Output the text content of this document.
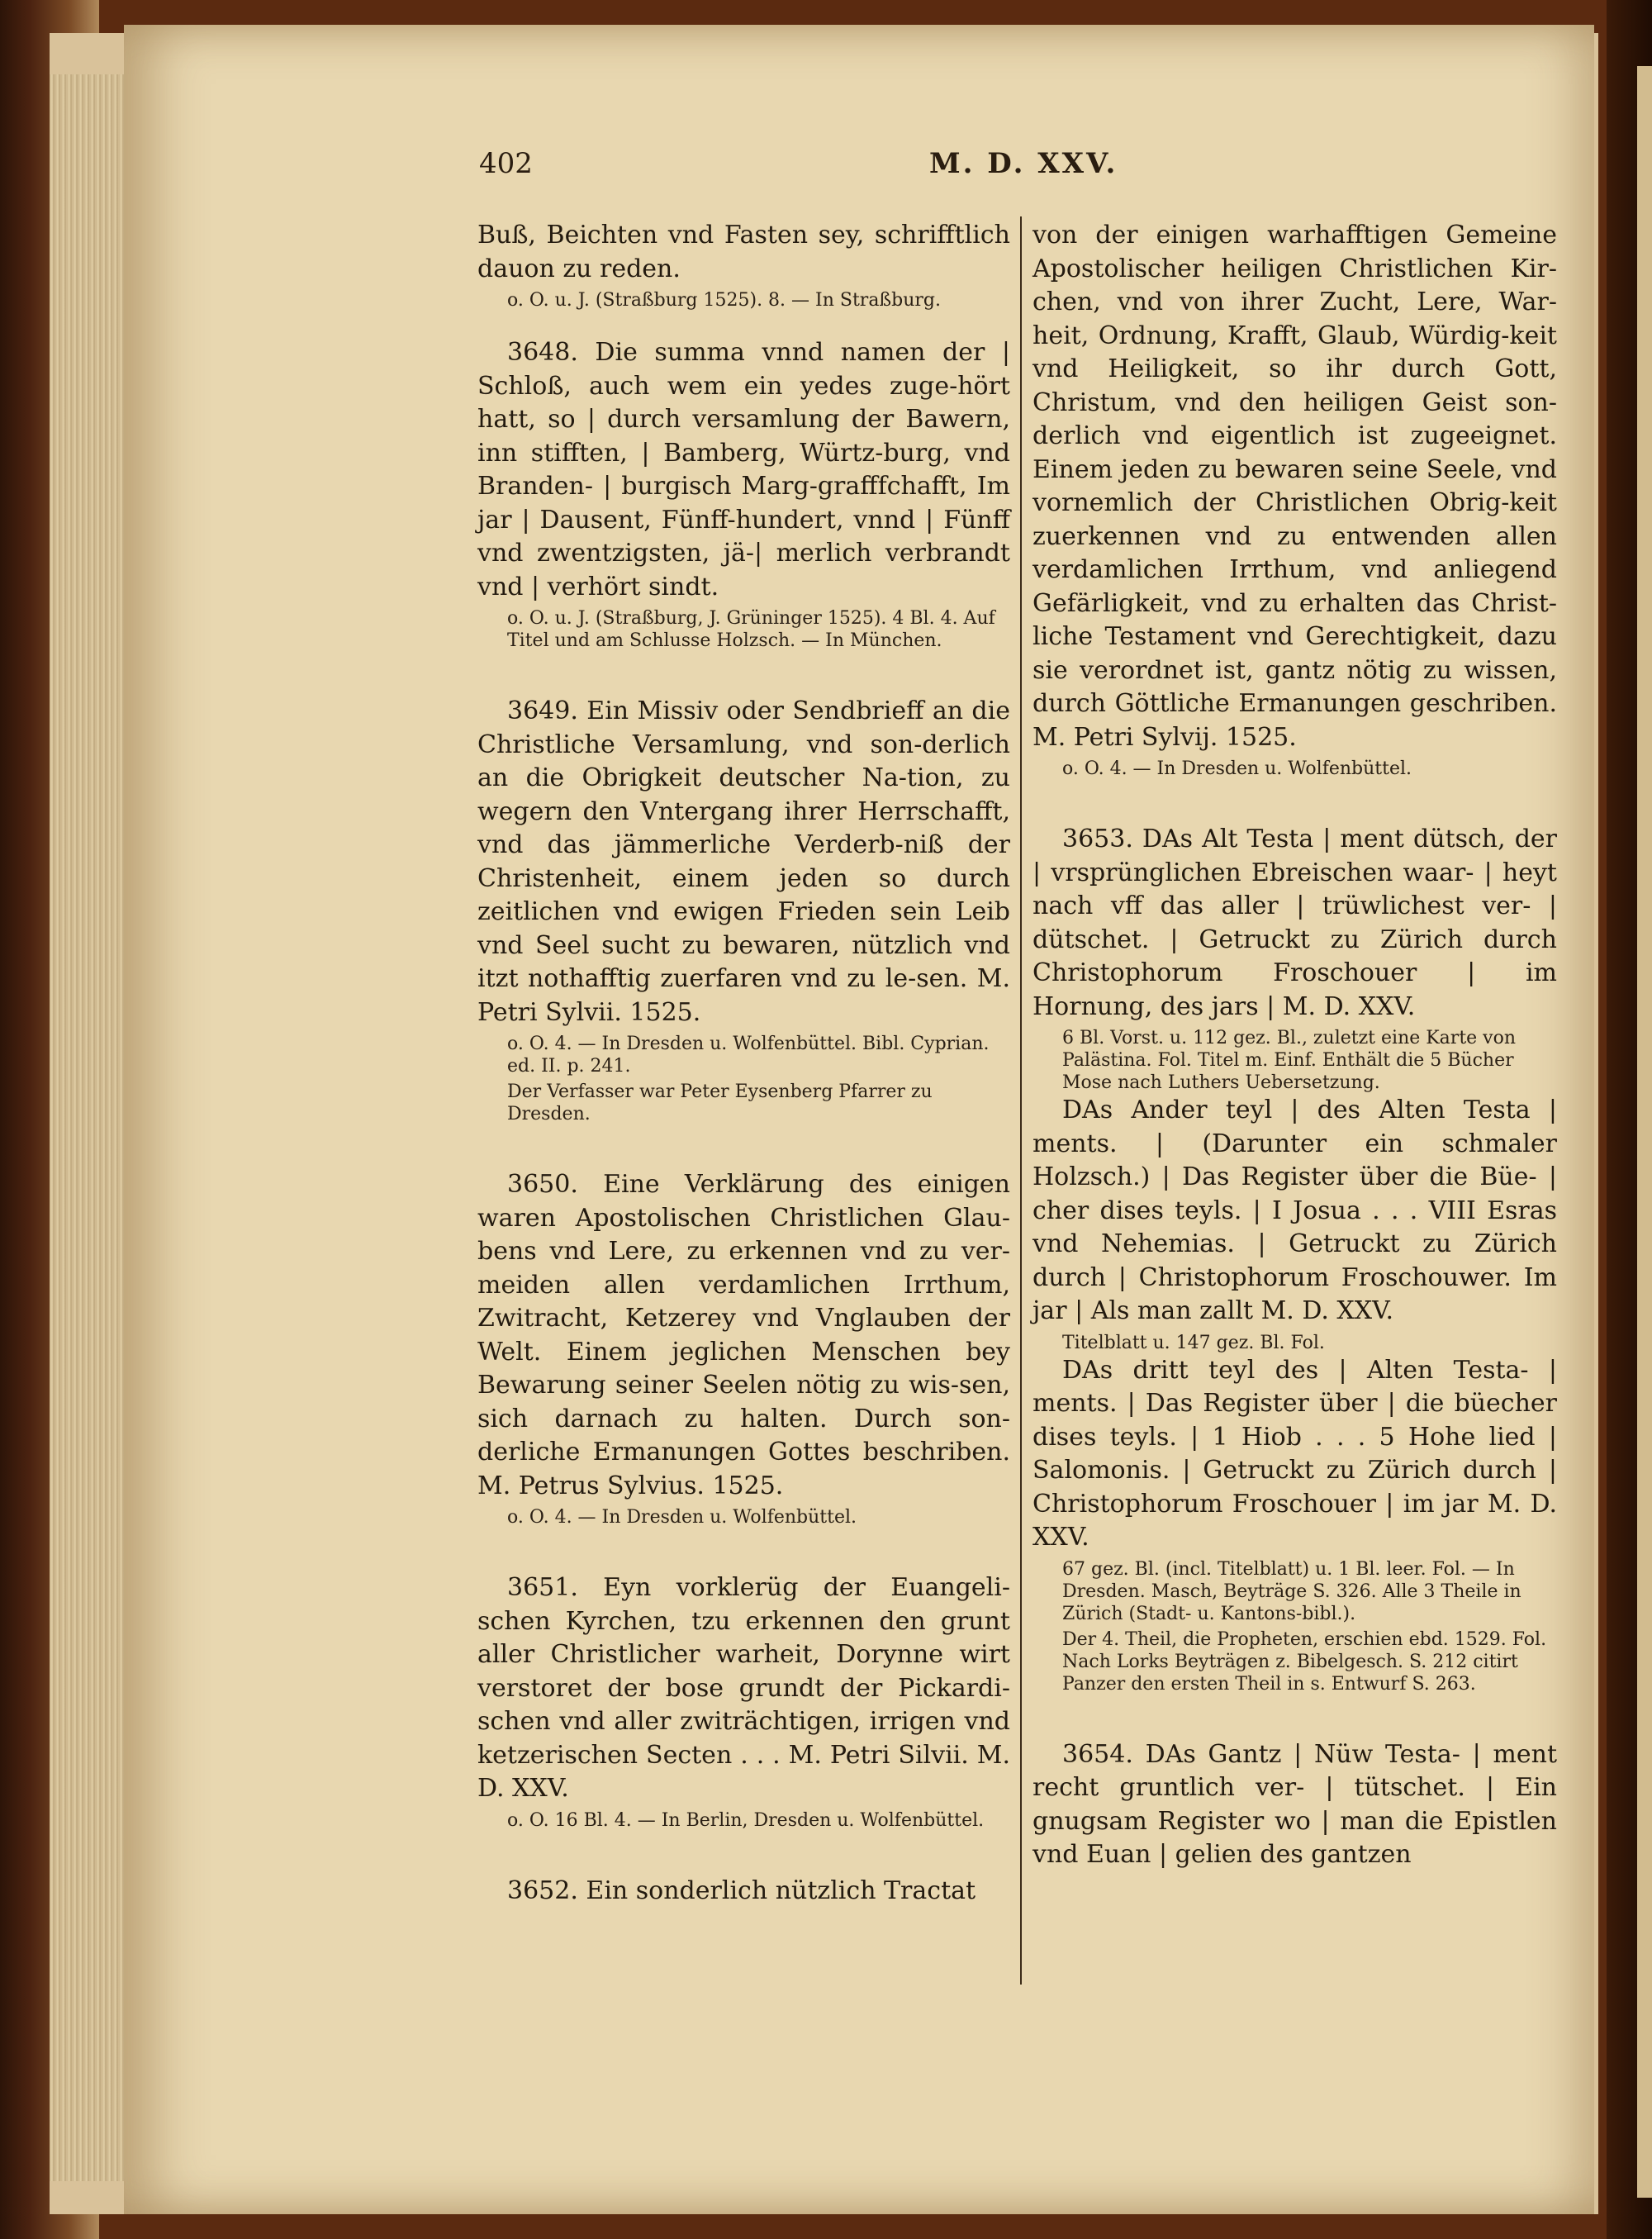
402	M. D. XXV.
Buß, Beichten vnd Fasten sey, schrifftlich dauon zu reden.
o. O. u. J. (Straßburg 1525). 8. — In Straßburg.
3648. Die summa vnnd namen der | Schloß, auch wem ein yedes zuge-hört hatt, so | durch versamlung der Bawern, inn stifften, | Bamberg, Würtz-burg, vnd Branden- | burgisch Marg-grafffchafft, Im jar | Dausent, Fünff-hundert, vnnd | Fünff vnd zwentzigsten, jä-| merlich verbrandt vnd | verhört sindt.
o. O. u. J. (Straßburg, J. Grüninger 1525). 4 Bl. 4. Auf Titel und am Schlusse Holzsch. — In München.
3649. Ein Missiv oder Sendbrieff an die Christliche Versamlung, vnd son-derlich an die Obrigkeit deutscher Na-tion, zu wegern den Vntergang ihrer Herrschafft, vnd das jämmerliche Verderb-niß der Christenheit, einem jeden so durch zeitlichen vnd ewigen Frieden sein Leib vnd Seel sucht zu bewaren, nützlich vnd itzt nothafftig zuerfaren vnd zu le-sen. M. Petri Sylvii. 1525.
o. O. 4. — In Dresden u. Wolfenbüttel. Bibl. Cyprian. ed. II. p. 241.
Der Verfasser war Peter Eysenberg Pfarrer zu Dresden.
3650. Eine Verklärung des einigen waren Apostolischen Christlichen Glau-bens vnd Lere, zu erkennen vnd zu ver-meiden allen verdamlichen Irrthum, Zwitracht, Ketzerey vnd Vnglauben der Welt. Einem jeglichen Menschen bey Bewarung seiner Seelen nötig zu wis-sen, sich darnach zu halten. Durch son-derliche Ermanungen Gottes beschriben. M. Petrus Sylvius. 1525.
o. O. 4. — In Dresden u. Wolfenbüttel.
3651. Eyn vorklerüg der Euangeli-schen Kyrchen, tzu erkennen den grunt aller Christlicher warheit, Dorynne wirt verstoret der bose grundt der Pickardi-schen vnd aller zwiträchtigen, irrigen vnd ketzerischen Secten . . . M. Petri Silvii. M. D. XXV.
o. O. 16 Bl. 4. — In Berlin, Dresden u. Wolfenbüttel.
3652. Ein sonderlich nützlich Tractat
von der einigen warhafftigen Gemeine Apostolischer heiligen Christlichen Kir-chen, vnd von ihrer Zucht, Lere, War-heit, Ordnung, Krafft, Glaub, Würdig-keit vnd Heiligkeit, so ihr durch Gott, Christum, vnd den heiligen Geist son-derlich vnd eigentlich ist zugeeignet. Einem jeden zu bewaren seine Seele, vnd vornemlich der Christlichen Obrig-keit zuerkennen vnd zu entwenden allen verdamlichen Irrthum, vnd anliegend Gefärligkeit, vnd zu erhalten das Christ-liche Testament vnd Gerechtigkeit, dazu sie verordnet ist, gantz nötig zu wissen, durch Göttliche Ermanungen geschriben. M. Petri Sylvij. 1525.
o. O. 4. — In Dresden u. Wolfenbüttel.
3653. DAs Alt Testa | ment dütsch, der | vrsprünglichen Ebreischen waar- | heyt nach vff das aller | trüwlichest ver- | dütschet. | Getruckt zu Zürich durch Christophorum Froschouer | im Hornung, des jars | M. D. XXV.
6 Bl. Vorst. u. 112 gez. Bl., zuletzt eine Karte von Palästina. Fol. Titel m. Einf. Enthält die 5 Bücher Mose nach Luthers Uebersetzung.
DAs Ander teyl | des Alten Testa | ments. | (Darunter ein schmaler Holzsch.) | Das Register über die Büe- | cher dises teyls. | I Josua . . . VIII Esras vnd Nehemias. | Getruckt zu Zürich durch | Christophorum Froschouwer. Im jar | Als man zallt M. D. XXV.
Titelblatt u. 147 gez. Bl. Fol.
DAs dritt teyl des | Alten Testa- | ments. | Das Register über | die büecher dises teyls. | 1 Hiob . . . 5 Hohe lied | Salomonis. | Getruckt zu Zürich durch | Christophorum Froschouer | im jar M. D. XXV.
67 gez. Bl. (incl. Titelblatt) u. 1 Bl. leer. Fol. — In Dresden. Masch, Beyträge S. 326. Alle 3 Theile in Zürich (Stadt- u. Kantons-bibl.).
Der 4. Theil, die Propheten, erschien ebd. 1529. Fol. Nach Lorks Beyträgen z. Bibelgesch. S. 212 citirt Panzer den ersten Theil in s. Entwurf S. 263.
3654. DAs Gantz | Nüw Testa- | ment recht gruntlich ver- | tütschet. | Ein gnugsam Register wo | man die Epistlen vnd Euan | gelien des gantzen
